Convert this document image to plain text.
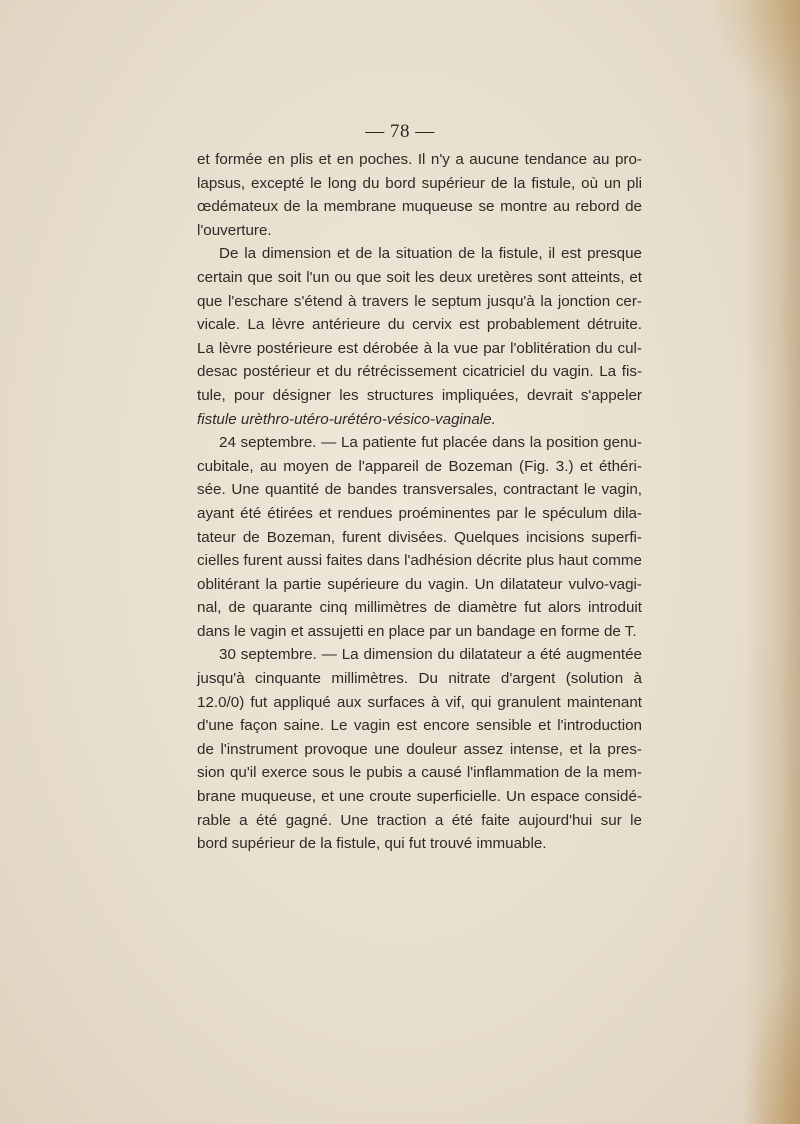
— 78 —

et formée en plis et en poches. Il n'y a aucune tendance au pro-
lapsus, excepté le long du bord supérieur de la fistule, où un pli
œdémateux de la membrane muqueuse se montre au rebord de
l'ouverture.

De la dimension et de la situation de la fistule, il est presque
certain que soit l'un ou que soit les deux uretères sont atteints, et
que l'eschare s'étend à travers le septum jusqu'à la jonction cer-
vicale. La lèvre antérieure du cervix est probablement détruite.
La lèvre postérieure est dérobée à la vue par l'oblitération du cul-
desac postérieur et du rétrécissement cicatriciel du vagin. La fis-
tule, pour désigner les structures impliquées, devrait s'appeler
fistule urèthro-utéro-urétéro-vésico-vaginale.

24 septembre. — La patiente fut placée dans la position genu-
cubitale, au moyen de l'appareil de Bozeman (Fig. 3.) et éthéri-
sée. Une quantité de bandes transversales, contractant le vagin,
ayant été étirées et rendues proéminentes par le spéculum dila-
tateur de Bozeman, furent divisées. Quelques incisions superfi-
cielles furent aussi faites dans l'adhésion décrite plus haut comme
oblitérant la partie supérieure du vagin. Un dilatateur vulvo-vagi-
nal, de quarante cinq millimètres de diamètre fut alors introduit
dans le vagin et assujetti en place par un bandage en forme de T.

30 septembre. — La dimension du dilatateur a été augmentée
jusqu'à cinquante millimètres. Du nitrate d'argent (solution à
12.0/0) fut appliqué aux surfaces à vif, qui granulent maintenant
d'une façon saine. Le vagin est encore sensible et l'introduction
de l'instrument provoque une douleur assez intense, et la pres-
sion qu'il exerce sous le pubis a causé l'inflammation de la mem-
brane muqueuse, et une croute superficielle. Un espace considé-
rable a été gagné. Une traction a été faite aujourd'hui sur le
bord supérieur de la fistule, qui fut trouvé immuable.
